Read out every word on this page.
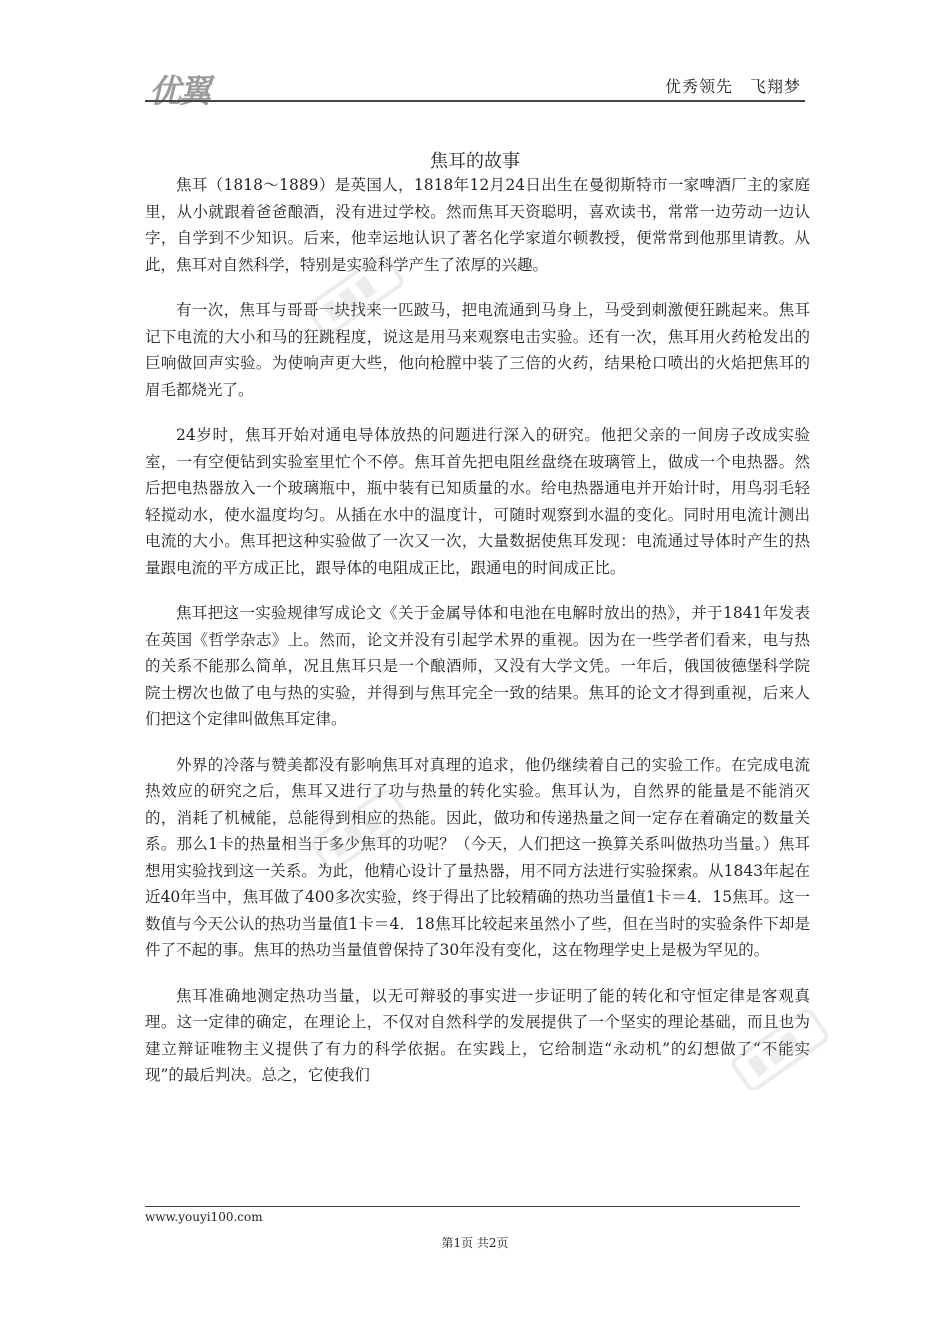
优翼	优秀领先　飞翔梦
焦耳的故事

焦耳（1818～1889）是英国人，1818年12月24日出生在曼彻斯特市一家啤酒厂主的家庭里，从小就跟着爸爸酿酒，没有进过学校。然而焦耳天资聪明，喜欢读书，常常一边劳动一边认字，自学到不少知识。后来，他幸运地认识了著名化学家道尔顿教授，便常常到他那里请教。从此，焦耳对自然科学，特别是实验科学产生了浓厚的兴趣。

有一次，焦耳与哥哥一块找来一匹跛马，把电流通到马身上，马受到刺激便狂跳起来。焦耳记下电流的大小和马的狂跳程度，说这是用马来观察电击实验。还有一次，焦耳用火药枪发出的巨响做回声实验。为使响声更大些，他向枪膛中装了三倍的火药，结果枪口喷出的火焰把焦耳的眉毛都烧光了。

24岁时，焦耳开始对通电导体放热的问题进行深入的研究。他把父亲的一间房子改成实验室，一有空便钻到实验室里忙个不停。焦耳首先把电阻丝盘绕在玻璃管上，做成一个电热器。然后把电热器放入一个玻璃瓶中，瓶中装有已知质量的水。给电热器通电并开始计时，用鸟羽毛轻轻搅动水，使水温度均匀。从插在水中的温度计，可随时观察到水温的变化。同时用电流计测出电流的大小。焦耳把这种实验做了一次又一次，大量数据使焦耳发现：电流通过导体时产生的热量跟电流的平方成正比，跟导体的电阻成正比，跟通电的时间成正比。

焦耳把这一实验规律写成论文《关于金属导体和电池在电解时放出的热》，并于1841年发表在英国《哲学杂志》上。然而，论文并没有引起学术界的重视。因为在一些学者们看来，电与热的关系不能那么简单，况且焦耳只是一个酿酒师，又没有大学文凭。一年后，俄国彼德堡科学院院士楞次也做了电与热的实验，并得到与焦耳完全一致的结果。焦耳的论文才得到重视，后来人们把这个定律叫做焦耳定律。

外界的冷落与赞美都没有影响焦耳对真理的追求，他仍继续着自己的实验工作。在完成电流热效应的研究之后，焦耳又进行了功与热量的转化实验。焦耳认为，自然界的能量是不能消灭的，消耗了机械能，总能得到相应的热能。因此，做功和传递热量之间一定存在着确定的数量关系。那么1卡的热量相当于多少焦耳的功呢？（今天，人们把这一换算关系叫做热功当量。）焦耳想用实验找到这一关系。为此，他精心设计了量热器，用不同方法进行实验探索。从1843年起在近40年当中，焦耳做了400多次实验，终于得出了比较精确的热功当量值1卡＝4．15焦耳。这一数值与今天公认的热功当量值1卡＝4．18焦耳比较起来虽然小了些，但在当时的实验条件下却是件了不起的事。焦耳的热功当量值曾保持了30年没有变化，这在物理学史上是极为罕见的。

焦耳准确地测定热功当量，以无可辩驳的事实进一步证明了能的转化和守恒定律是客观真理。这一定律的确定，在理论上，不仅对自然科学的发展提供了一个坚实的理论基础，而且也为建立辩证唯物主义提供了有力的科学依据。在实践上，它给制造“永动机”的幻想做了“不能实现”的最后判决。总之，它使我们

www.youyi100.com
第1页 共2页
